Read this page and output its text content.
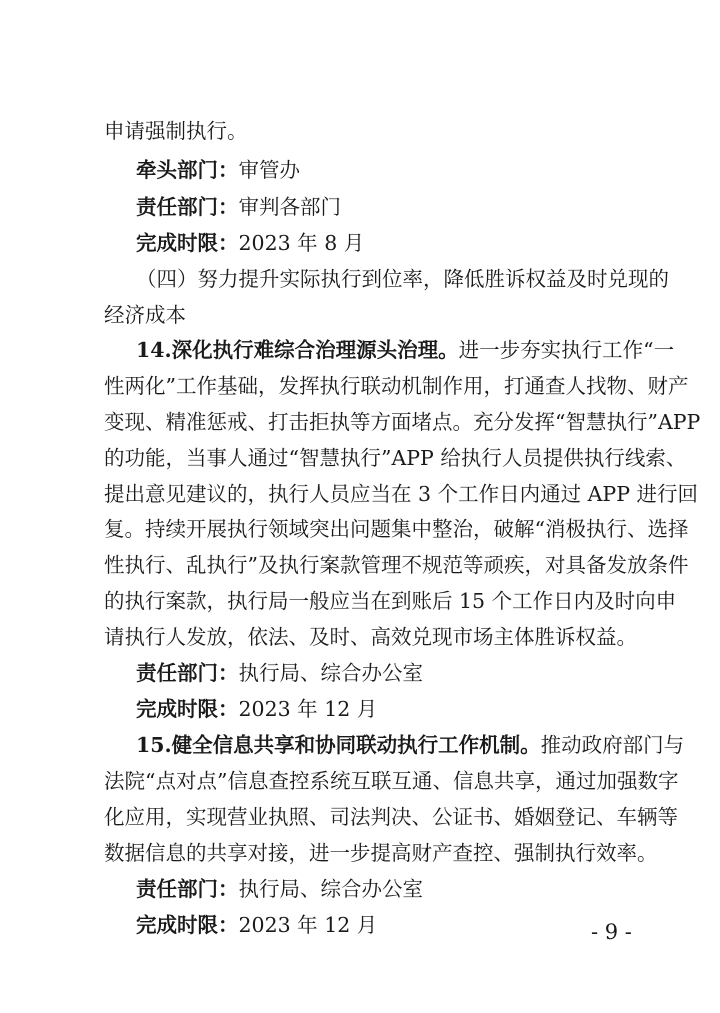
申请强制执行。
牵头部门：审管办
责任部门：审判各部门
完成时限：2023 年 8 月
（四）努力提升实际执行到位率，降低胜诉权益及时兑现的
经济成本
14.深化执行难综合治理源头治理。进一步夯实执行工作“一
性两化”工作基础，发挥执行联动机制作用，打通查人找物、财产
变现、精准惩戒、打击拒执等方面堵点。充分发挥“智慧执行”APP
的功能，当事人通过“智慧执行”APP 给执行人员提供执行线索、
提出意见建议的，执行人员应当在 3 个工作日内通过 APP 进行回
复。持续开展执行领域突出问题集中整治，破解“消极执行、选择
性执行、乱执行”及执行案款管理不规范等顽疾，对具备发放条件
的执行案款，执行局一般应当在到账后 15 个工作日内及时向申
请执行人发放，依法、及时、高效兑现市场主体胜诉权益。
责任部门：执行局、综合办公室
完成时限：2023 年 12 月
15.健全信息共享和协同联动执行工作机制。推动政府部门与
法院“点对点”信息查控系统互联互通、信息共享，通过加强数字
化应用，实现营业执照、司法判决、公证书、婚姻登记、车辆等
数据信息的共享对接，进一步提高财产查控、强制执行效率。
责任部门：执行局、综合办公室
完成时限：2023 年 12 月	- 9 -
